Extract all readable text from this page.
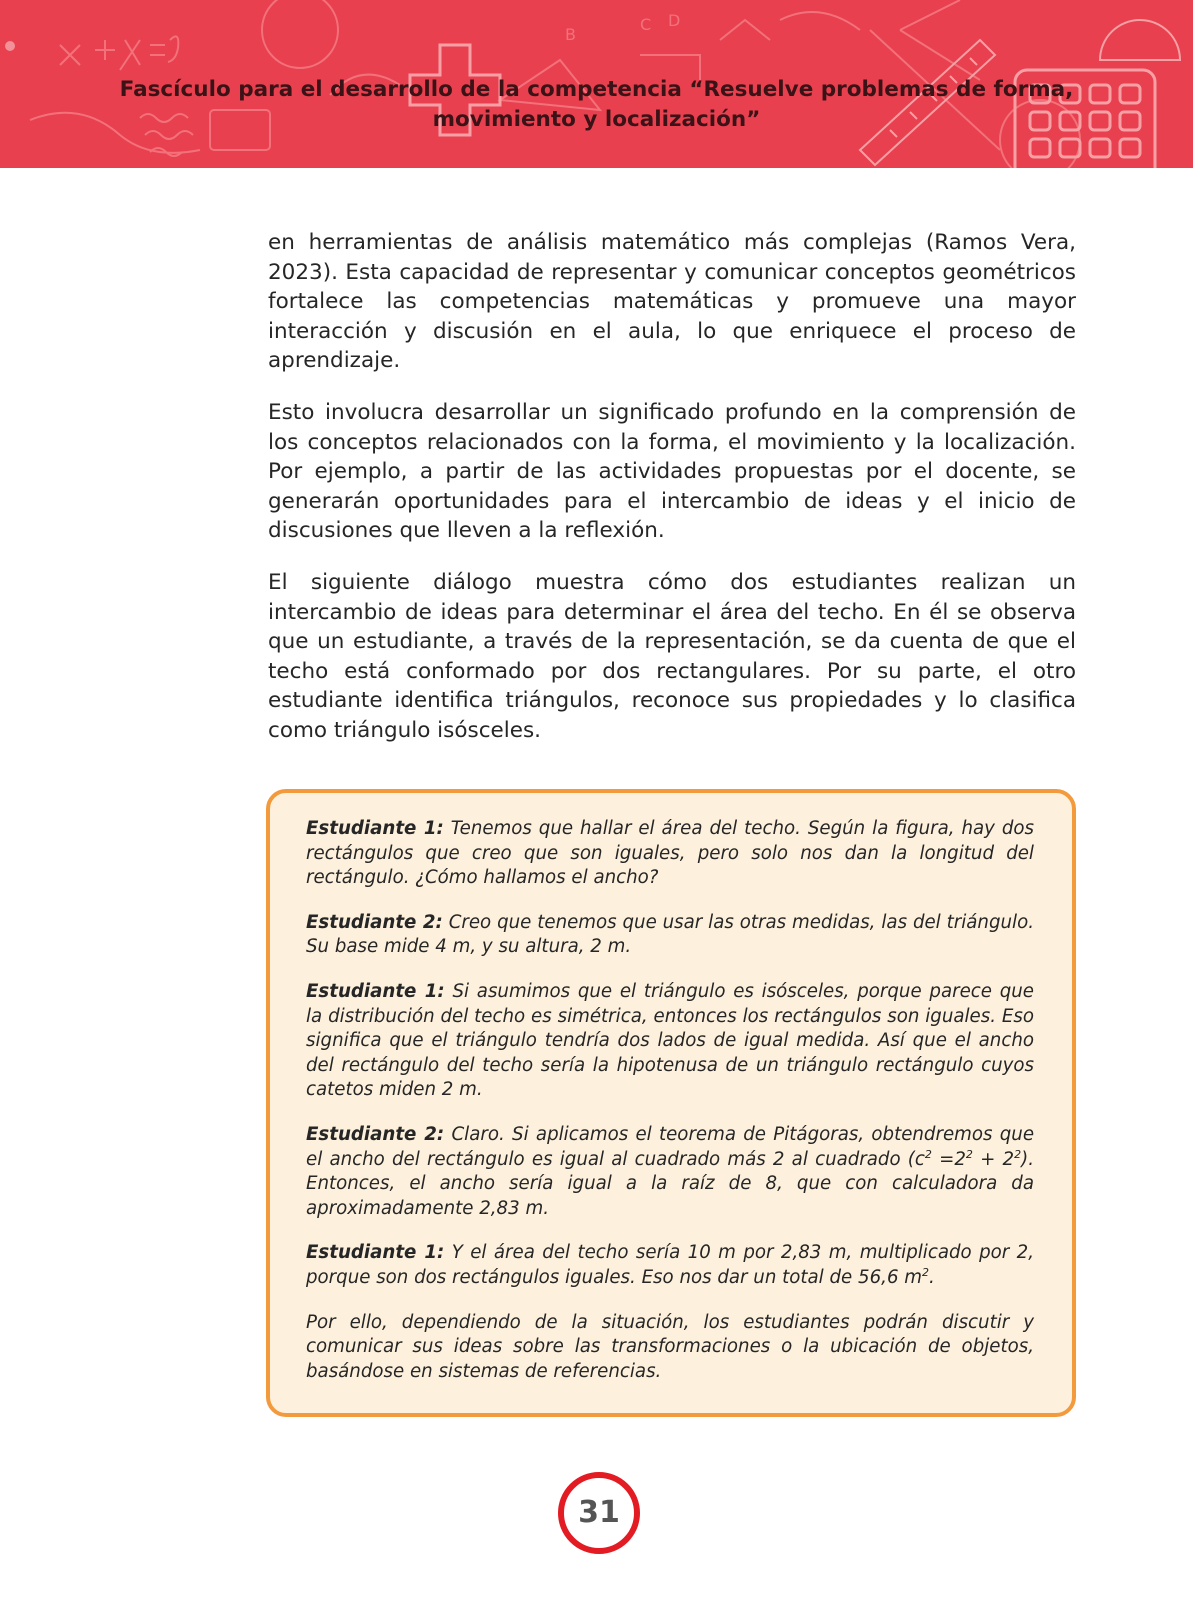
B
C D
Fascículo para el desarrollo de la competencia “Resuelve problemas de forma, movimiento y localización”

en herramientas de análisis matemático más complejas (Ramos Vera, 2023). Esta capacidad de representar y comunicar conceptos geométricos fortalece las competencias matemáticas y promueve una mayor interacción y discusión en el aula, lo que enriquece el proceso de aprendizaje.

Esto involucra desarrollar un significado profundo en la comprensión de los conceptos relacionados con la forma, el movimiento y la localización. Por ejemplo, a partir de las actividades propuestas por el docente, se generarán oportunidades para el intercambio de ideas y el inicio de discusiones que lleven a la reflexión.

El siguiente diálogo muestra cómo dos estudiantes realizan un intercambio de ideas para determinar el área del techo. En él se observa que un estudiante, a través de la representación, se da cuenta de que el techo está conformado por dos rectangulares. Por su parte, el otro estudiante identifica triángulos, reconoce sus propiedades y lo clasifica como triángulo isósceles.

Estudiante 1: Tenemos que hallar el área del techo. Según la figura, hay dos rectángulos que creo que son iguales, pero solo nos dan la longitud del rectángulo. ¿Cómo hallamos el ancho?

Estudiante 2: Creo que tenemos que usar las otras medidas, las del triángulo. Su base mide 4 m, y su altura, 2 m.

Estudiante 1: Si asumimos que el triángulo es isósceles, porque parece que la distribución del techo es simétrica, entonces los rectángulos son iguales. Eso significa que el triángulo tendría dos lados de igual medida. Así que el ancho del rectángulo del techo sería la hipotenusa de un triángulo rectángulo cuyos catetos miden 2 m.

Estudiante 2: Claro. Si aplicamos el teorema de Pitágoras, obtendremos que el ancho del rectángulo es igual al cuadrado más 2 al cuadrado $(c^2 =2^2 + 2^2)$. Entonces, el ancho sería igual a la raíz de 8, que con calculadora da aproximadamente 2,83 m.

Estudiante 1: Y el área del techo sería 10 m por 2,83 m, multiplicado por 2, porque son dos rectángulos iguales. Eso nos dar un total de 56,6 $m^2$.

Por ello, dependiendo de la situación, los estudiantes podrán discutir y comunicar sus ideas sobre las transformaciones o la ubicación de objetos, basándose en sistemas de referencias.

31
